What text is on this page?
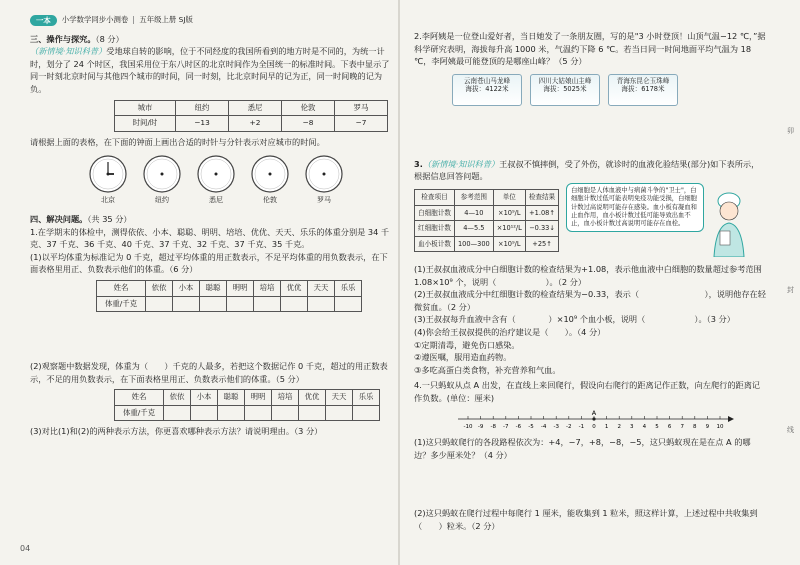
一本	小学数学同步小测卷 五年级上册 SJ版
三、操作与探究。（8 分）

（新情境·知识科普）受地球自转的影响，位于不同经度的我国所看到的地方时是不同的，为统一计时，划分了 24 个时区，我国采用位于东八时区的北京时间作为全国统一的标准时间。下表中显示了同一时刻北京时间与其他四个城市的时间，同一时刻，比北京时间早的记为正，同一时间晚的记为负。

城市	纽约	悉尼	伦敦	罗马
时间/时	−13	+2	−8	−7

请根据上面的表格，在下面的钟面上画出合适的时针与分针表示对应城市的时间。

北京	纽约	悉尼	伦敦	罗马
四、解决问题。（共 35 分）

1.在学期末的体检中，测得依依、小本、聪聪、明明、培培、优优、天天、乐乐的体重分别是 34 千克、37 千克、36 千克、40 千克、37 千克、32 千克、37 千克、35 千克。

(1)以平均体重为标准记为 0 千克，超过平均体重的用正数表示，不足平均体重的用负数表示，在下面表格里用正、负数表示他们的体重。（6 分）

姓名	依依	小本	聪聪	明明	培培	优优	天天	乐乐
体重/千克								

(2)观察题中数据发现，体重为（　　）千克的人最多，若把这个数据记作 0 千克，超过的用正数表示，不足的用负数表示，在下面表格里用正、负数表示他们的体重。（5 分）

姓名	依依	小本	聪聪	明明	培培	优优	天天	乐乐
体重/千克								

(3)对比(1)和(2)的两种表示方法，你更喜欢哪种表示方法？请说明理由。（3 分）

2.李阿姨是一位登山爱好者，当日她发了一条朋友圈，写的是"3 小时登顶！山顶气温−12 ℃，”据科学研究表明，海拔每升高 1000 米，气温约下降 6 ℃。若当日同一时间地面平均气温为 18 ℃，李阿姨最可能登顶的是哪座山峰？（5 分）

云南苍山马龙峰
海拔：4122米
四川大姑娘山主峰
海拔：5025米
青海东昆仑玉珠峰
海拔：6178米

3.（新情境·知识科普）王叔叔不慎摔倒，受了外伤，就诊时的血液化验结果(部分)如下表所示，根据信息回答问题。

检查项目	参考范围	单位	检查结果
白细胞计数	4—10	×10⁹/L	+1.08↑
红细胞计数	4—5.5	×10¹²/L	−0.33↓
血小板计数	100—300	×10⁹/L	+25↑
白细胞是人体血液中与病菌斗争的"卫士"，白细胞计数过低可能表明免疫功能受损，白细胞计数过高说明可能存在感染。血小板有凝血和止血作用，血小板计数过低可能导致出血不止，血小板计数过高说明可能存在血栓。

(1)王叔叔血液成分中白细胞计数的检查结果为+1.08，表示他血液中白细胞的数量超过参考范围 1.08×10⁹ 个，说明（　　　　　　）。（2 分）

(2)王叔叔血液成分中红细胞计数的检查结果为−0.33，表示（　　　　　　　　），说明他存在轻微贫血。（2 分）

(3)王叔叔每升血液中含有（　　　　）×10⁹ 个血小板，说明（　　　　　　）。（3 分）

(4)你会给王叔叔提供的治疗建议是（　　）。（4 分）

①定期清毒，避免伤口感染。

②遵医嘱，服用造血药物。

③多吃高蛋白类食物，补充营养和气血。

4.一只蚂蚁从点 A 出发，在直线上来回爬行，假设向右爬行的距离记作正数，向左爬行的距离记作负数。(单位：厘米)

-10 -9 -8 -7 -6 -5 -4 -3 -2 -1 0 1 2 3 4 5 6 7 8 9 10
A

(1)这只蚂蚁爬行的各段路程依次为：+4，−7，+8，−8，−5，这只蚂蚁现在是在点 A 的哪边？多少厘米处？（4 分）

(2)这只蚂蚁在爬行过程中每爬行 1 厘米，能收集到 1 粒米，照这样计算，上述过程中共收集到（　　）粒米。（2 分）

卯
封
线
04
